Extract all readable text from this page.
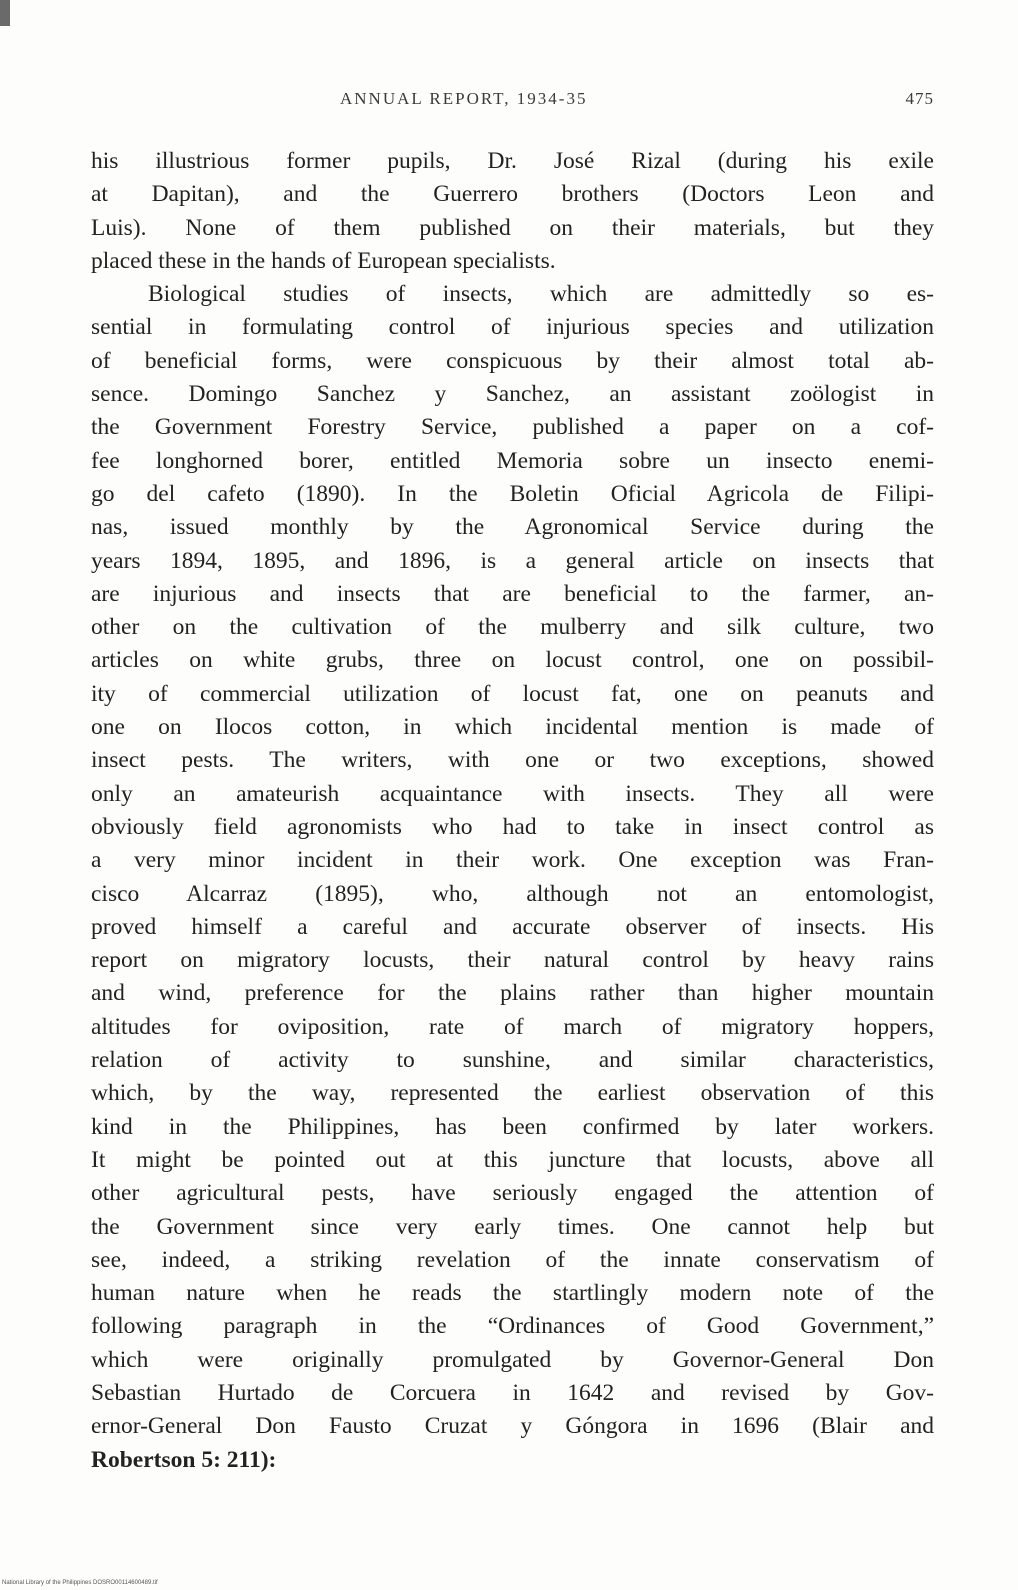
ANNUAL REPORT, 1934-35	475
his illustrious former pupils, Dr. José Rizal (during his exile
at Dapitan), and the Guerrero brothers (Doctors Leon and
Luis). None of them published on their materials, but they
placed these in the hands of European specialists.
Biological studies of insects, which are admittedly so es-
sential in formulating control of injurious species and utilization
of beneficial forms, were conspicuous by their almost total ab-
sence. Domingo Sanchez y Sanchez, an assistant zoölogist in
the Government Forestry Service, published a paper on a cof-
fee longhorned borer, entitled Memoria sobre un insecto enemi-
go del cafeto (1890). In the Boletin Oficial Agricola de Filipi-
nas, issued monthly by the Agronomical Service during the
years 1894, 1895, and 1896, is a general article on insects that
are injurious and insects that are beneficial to the farmer, an-
other on the cultivation of the mulberry and silk culture, two
articles on white grubs, three on locust control, one on possibil-
ity of commercial utilization of locust fat, one on peanuts and
one on Ilocos cotton, in which incidental mention is made of
insect pests. The writers, with one or two exceptions, showed
only an amateurish acquaintance with insects. They all were
obviously field agronomists who had to take in insect control as
a very minor incident in their work. One exception was Fran-
cisco Alcarraz (1895), who, although not an entomologist,
proved himself a careful and accurate observer of insects. His
report on migratory locusts, their natural control by heavy rains
and wind, preference for the plains rather than higher mountain
altitudes for oviposition, rate of march of migratory hoppers,
relation of activity to sunshine, and similar characteristics,
which, by the way, represented the earliest observation of this
kind in the Philippines, has been confirmed by later workers.
It might be pointed out at this juncture that locusts, above all
other agricultural pests, have seriously engaged the attention of
the Government since very early times. One cannot help but
see, indeed, a striking revelation of the innate conservatism of
human nature when he reads the startlingly modern note of the
following paragraph in the “Ordinances of Good Government,”
which were originally promulgated by Governor-General Don
Sebastian Hurtado de Corcuera in 1642 and revised by Gov-
ernor-General Don Fausto Cruzat y Góngora in 1696 (Blair and
Robertson 5: 211):
National Library of the Philippines DOSRO00114600489.tif
